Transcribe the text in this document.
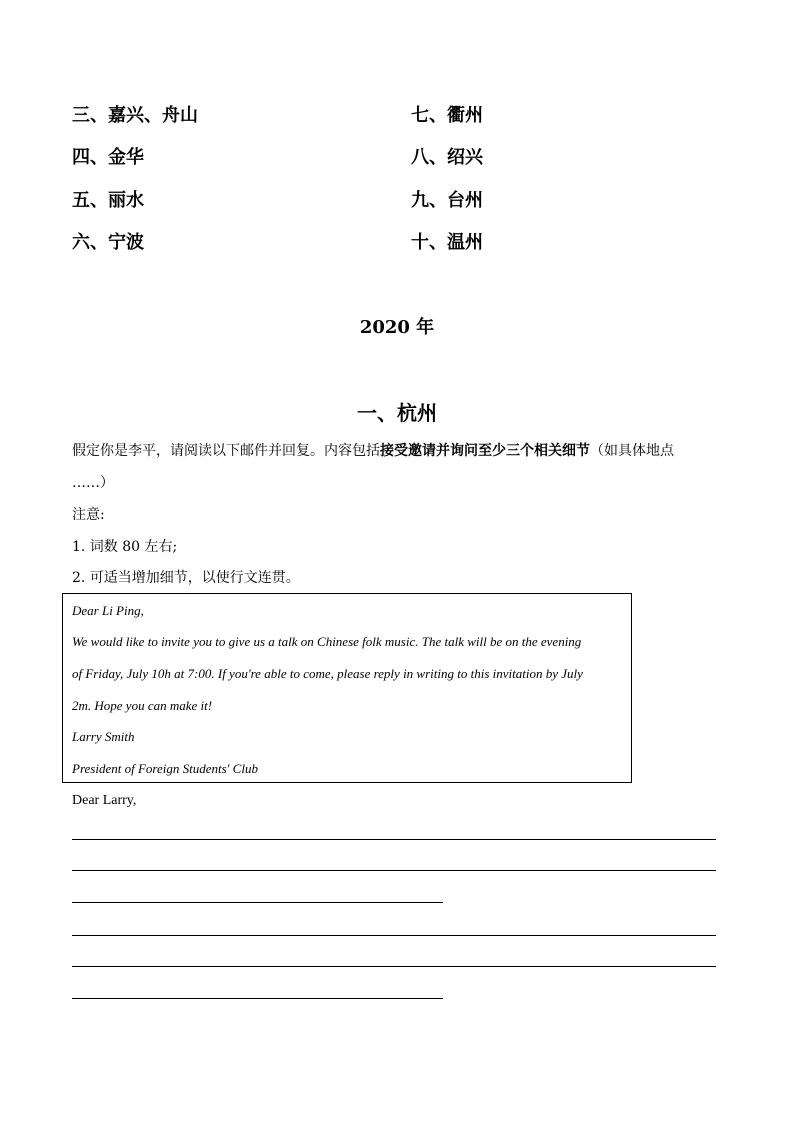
三、嘉兴、舟山
四、金华
五、丽水
六、宁波
七、衢州
八、绍兴
九、台州
十、温州
2020 年
一、杭州
假定你是李平，请阅读以下邮件并回复。内容包括接受邀请并询问至少三个相关细节（如具体地点
……）
注意:
1. 词数 80 左右;
2. 可适当增加细节，以使行文连贯。
Dear Li Ping,
We would like to invite you to give us a talk on Chinese folk music. The talk will be on the evening
of Friday, July 10h at 7:00. If you're able to come, please reply in writing to this invitation by July
2m. Hope you can make it!
Larry Smith
President of Foreign Students' Club
Dear Larry,
